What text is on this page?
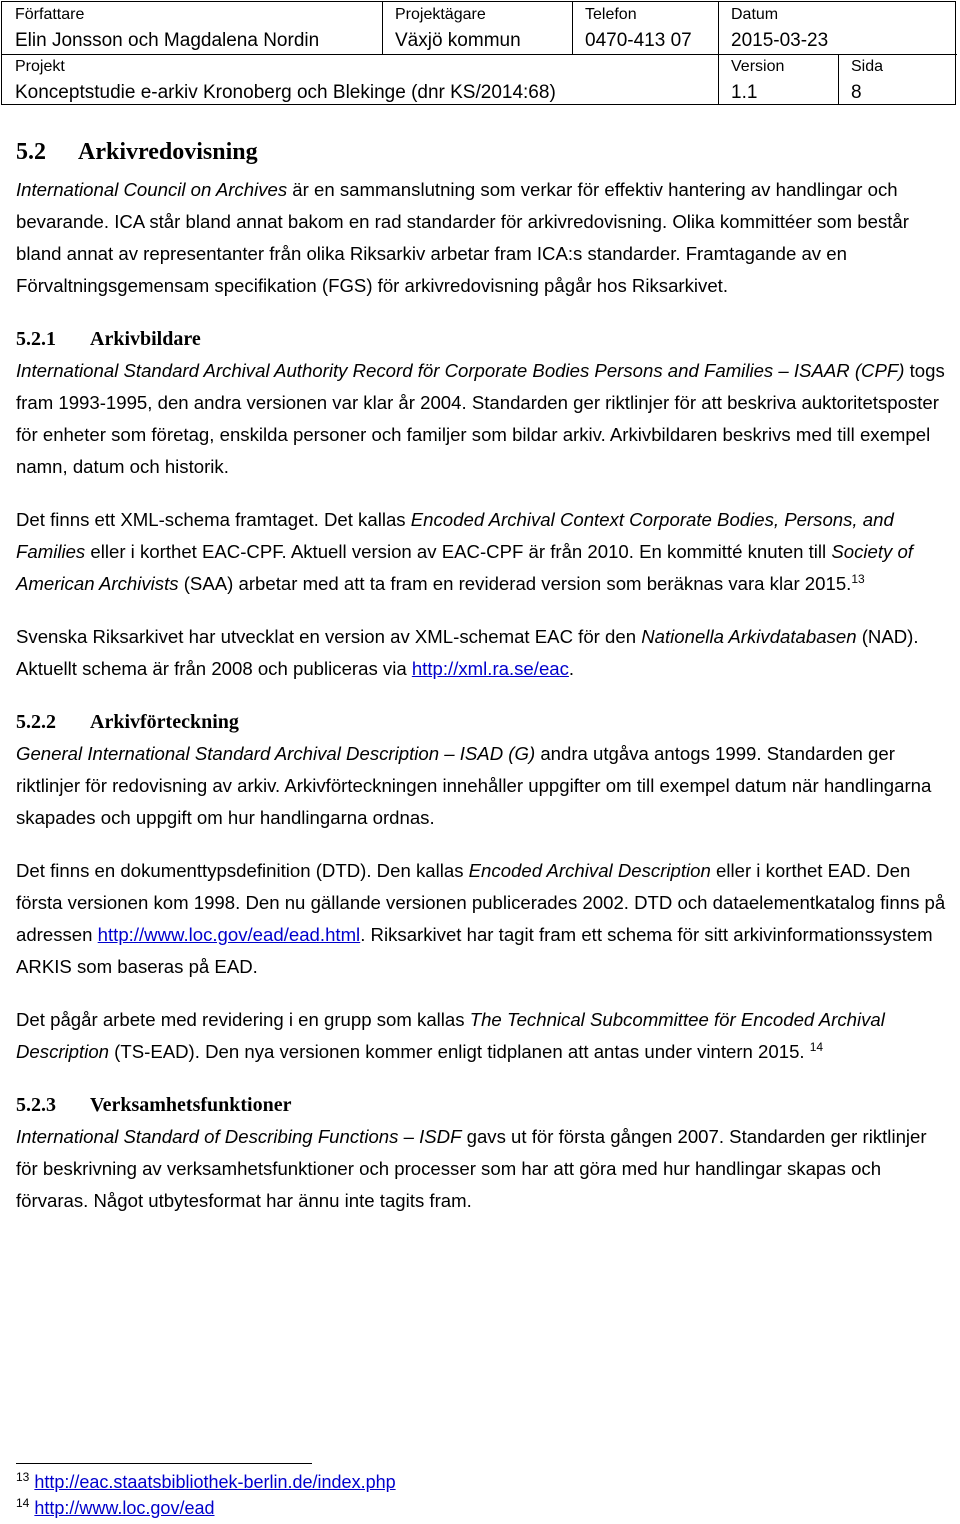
Författare
Elin Jonsson och Magdalena Nordin
Projektägare
Växjö kommun
Telefon
0470-413 07
Datum
2015-03-23
Projekt
Konceptstudie e-arkiv Kronoberg och Blekinge (dnr KS/2014:68)
Version
1.1
Sida
8
5.2 Arkivredovisning

International Council on Archives är en sammanslutning som verkar för effektiv hantering av handlingar och bevarande. ICA står bland annat bakom en rad standarder för arkivredovisning. Olika kommittéer som består bland annat av representanter från olika Riksarkiv arbetar fram ICA:s standarder. Framtagande av en Förvaltningsgemensam specifikation (FGS) för arkivredovisning pågår hos Riksarkivet.

5.2.1 Arkivbildare

International Standard Archival Authority Record för Corporate Bodies Persons and Families – ISAAR (CPF) togs fram 1993-1995, den andra versionen var klar år 2004. Standarden ger riktlinjer för att beskriva auktoritetsposter för enheter som företag, enskilda personer och familjer som bildar arkiv. Arkivbildaren beskrivs med till exempel namn, datum och historik.

Det finns ett XML-schema framtaget. Det kallas Encoded Archival Context Corporate Bodies, Persons, and Families eller i korthet EAC-CPF. Aktuell version av EAC-CPF är från 2010. En kommitté knuten till Society of American Archivists (SAA) arbetar med att ta fram en reviderad version som beräknas vara klar 2015.13

Svenska Riksarkivet har utvecklat en version av XML-schemat EAC för den Nationella Arkivdatabasen (NAD). Aktuellt schema är från 2008 och publiceras via http://xml.ra.se/eac.

5.2.2 Arkivförteckning

General International Standard Archival Description – ISAD (G) andra utgåva antogs 1999. Standarden ger riktlinjer för redovisning av arkiv. Arkivförteckningen innehåller uppgifter om till exempel datum när handlingarna skapades och uppgift om hur handlingarna ordnas.

Det finns en dokumenttypsdefinition (DTD). Den kallas Encoded Archival Description eller i korthet EAD. Den första versionen kom 1998. Den nu gällande versionen publicerades 2002. DTD och dataelementkatalog finns på adressen http://www.loc.gov/ead/ead.html. Riksarkivet har tagit fram ett schema för sitt arkivinformationssystem ARKIS som baseras på EAD.

Det pågår arbete med revidering i en grupp som kallas The Technical Subcommittee för Encoded Archival Description (TS-EAD). Den nya versionen kommer enligt tidplanen att antas under vintern 2015. $^{14}$

5.2.3 Verksamhetsfunktioner

International Standard of Describing Functions – ISDF gavs ut för första gången 2007. Standarden ger riktlinjer för beskrivning av verksamhetsfunktioner och processer som har att göra med hur handlingar skapas och förvaras. Något utbytesformat har ännu inte tagits fram.

$^{13}$ http://eac.staatsbibliothek-berlin.de/index.php
$^{14}$ http://www.loc.gov/ead
